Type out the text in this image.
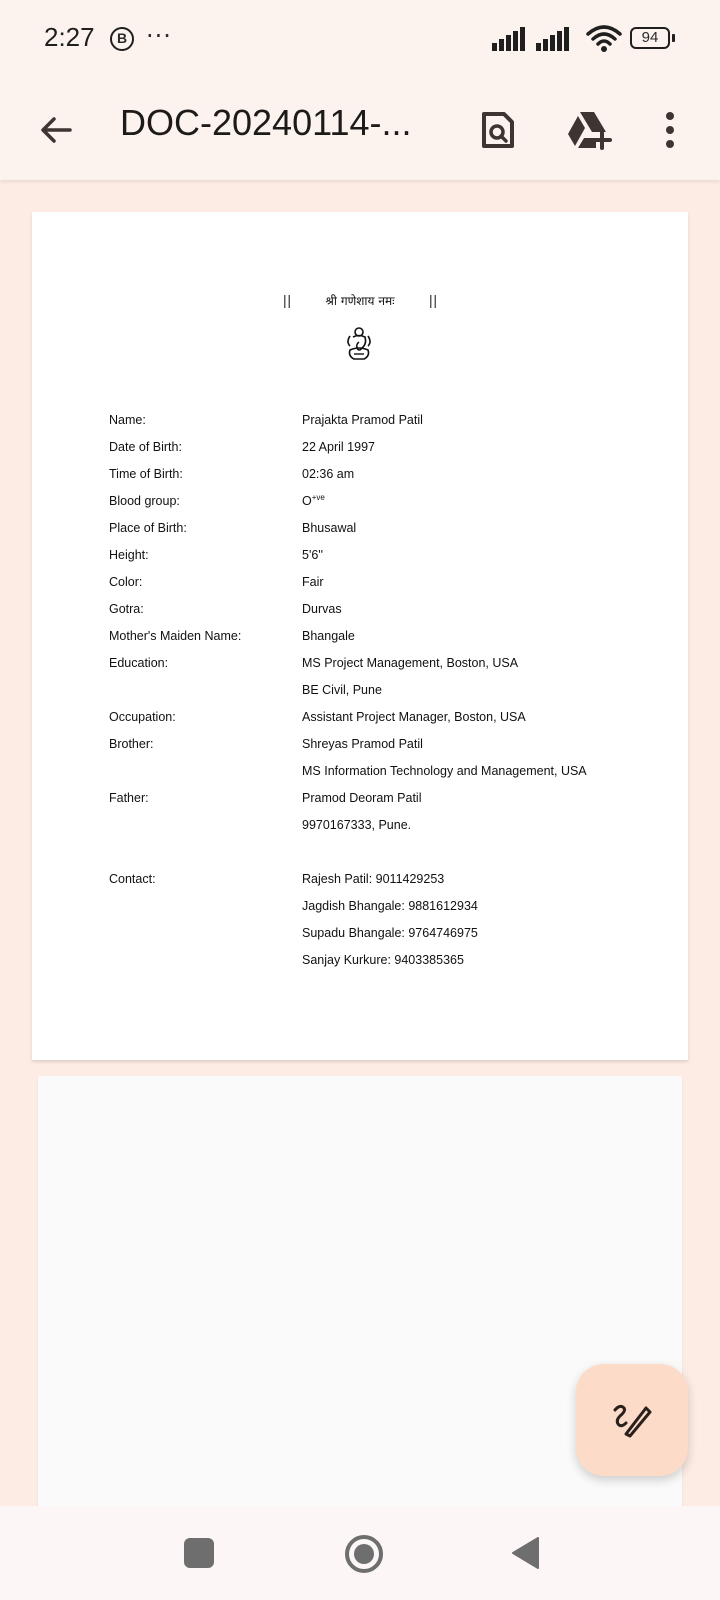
2:27	B ···	94
DOC-20240114-...
||	श्री गणेशाय नमः	||
Name:	Prajakta Pramod Patil
Date of Birth:	22 April 1997
Time of Birth:	02:36 am
Blood group:	$O^{+ve}$
Place of Birth:	Bhusawal
Height:	5'6''
Color:	Fair
Gotra:	Durvas
Mother's Maiden Name:	Bhangale
Education:	MS Project Management, Boston, USA
BE Civil, Pune
Occupation:	Assistant Project Manager, Boston, USA
Brother:	Shreyas Pramod Patil
MS Information Technology and Management, USA
Father:	Pramod Deoram Patil
9970167333, Pune.
Contact:	Rajesh Patil: 9011429253
Jagdish Bhangale: 9881612934
Supadu Bhangale: 9764746975
Sanjay Kurkure: 9403385365
